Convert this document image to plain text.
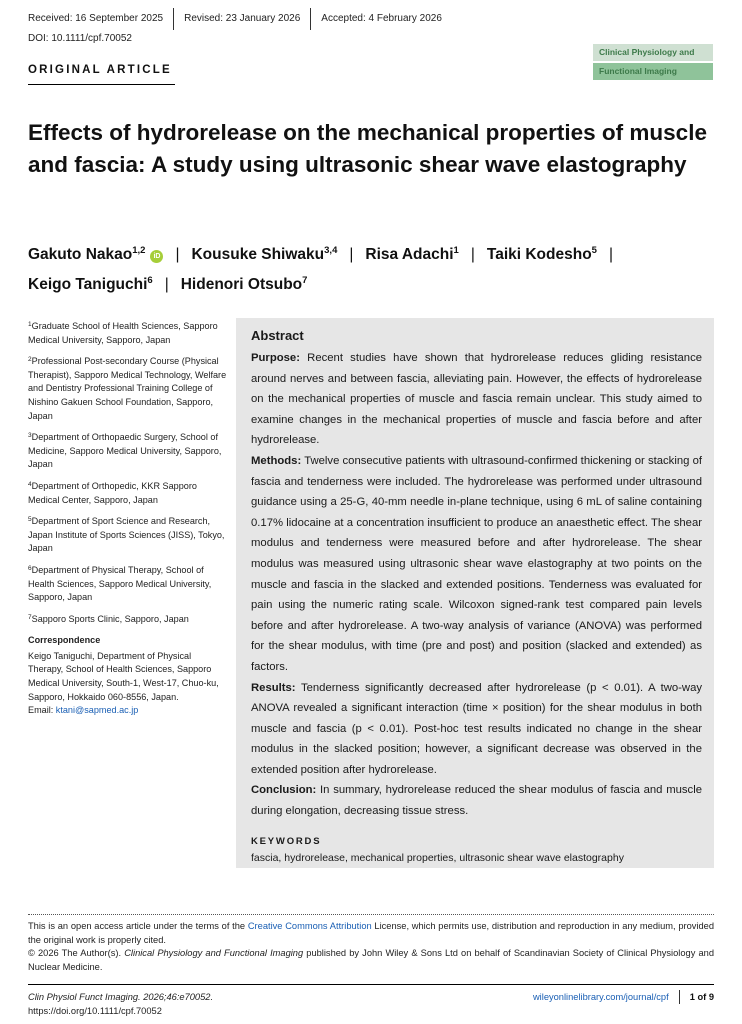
Received: 16 September 2025	Revised: 23 January 2026	Accepted: 4 February 2026
DOI: 10.1111/cpf.70052
ORIGINAL ARTICLE
Clinical Physiology and
Functional Imaging
Effects of hydrorelease on the mechanical properties of muscle and fascia: A study using ultrasonic shear wave elastography
Gakuto Nakao$^{1,2}$iD | Kousuke Shiwaku$^{3,4}$ | Risa Adachi$^1$ | Taiki Kodesho$^5$ |
Keigo Taniguchi$^6$ | Hidenori Otsubo$^7$
$^1$Graduate School of Health Sciences, Sapporo Medical University, Sapporo, Japan
$^2$Professional Post-secondary Course (Physical Therapist), Sapporo Medical Technology, Welfare and Dentistry Professional Training College of Nishino Gakuen School Foundation, Sapporo, Japan
$^3$Department of Orthopaedic Surgery, School of Medicine, Sapporo Medical University, Sapporo, Japan
$^4$Department of Orthopedic, KKR Sapporo Medical Center, Sapporo, Japan
$^5$Department of Sport Science and Research, Japan Institute of Sports Sciences (JISS), Tokyo, Japan
$^6$Department of Physical Therapy, School of Health Sciences, Sapporo Medical University, Sapporo, Japan
$^7$Sapporo Sports Clinic, Sapporo, Japan
Correspondence
Keigo Taniguchi, Department of Physical Therapy, School of Health Sciences, Sapporo Medical University, South-1, West-17, Chuo-ku, Sapporo, Hokkaido 060-8556, Japan.
Email: ktani@sapmed.ac.jp
Abstract

Purpose: Recent studies have shown that hydrorelease reduces gliding resistance around nerves and between fascia, alleviating pain. However, the effects of hydrorelease on the mechanical properties of muscle and fascia remain unclear. This study aimed to examine changes in the mechanical properties of muscle and fascia before and after hydrorelease.

Methods: Twelve consecutive patients with ultrasound-confirmed thickening or stacking of fascia and tenderness were included. The hydrorelease was performed under ultrasound guidance using a 25-G, 40-mm needle in-plane technique, using 6 mL of saline containing 0.17% lidocaine at a concentration insufficient to produce an anaesthetic effect. The shear modulus and tenderness were measured before and after hydrorelease. The shear modulus was measured using ultrasonic shear wave elastography at two points on the muscle and fascia in the slacked and extended positions. Tenderness was evaluated for pain using the numeric rating scale. Wilcoxon signed-rank test compared pain levels before and after hydrorelease. A two-way analysis of variance (ANOVA) was performed for the shear modulus, with time (pre and post) and position (slacked and extended) as factors.

Results: Tenderness significantly decreased after hydrorelease (p < 0.01). A two-way ANOVA revealed a significant interaction (time × position) for the shear modulus in both muscle and fascia (p < 0.01). Post-hoc test results indicated no change in the shear modulus in the slacked position; however, a significant decrease was observed in the extended position after hydrorelease.

Conclusion: In summary, hydrorelease reduced the shear modulus of fascia and muscle during elongation, decreasing tissue stress.

KEYWORDS
fascia, hydrorelease, mechanical properties, ultrasonic shear wave elastography
This is an open access article under the terms of the Creative Commons Attribution License, which permits use, distribution and reproduction in any medium, provided the original work is properly cited.
© 2026 The Author(s). Clinical Physiology and Functional Imaging published by John Wiley & Sons Ltd on behalf of Scandinavian Society of Clinical Physiology and Nuclear Medicine.
Clin Physiol Funct Imaging. 2026;46:e70052.
https://doi.org/10.1111/cpf.70052
wileyonlinelibrary.com/journal/cpf	1 of 9
